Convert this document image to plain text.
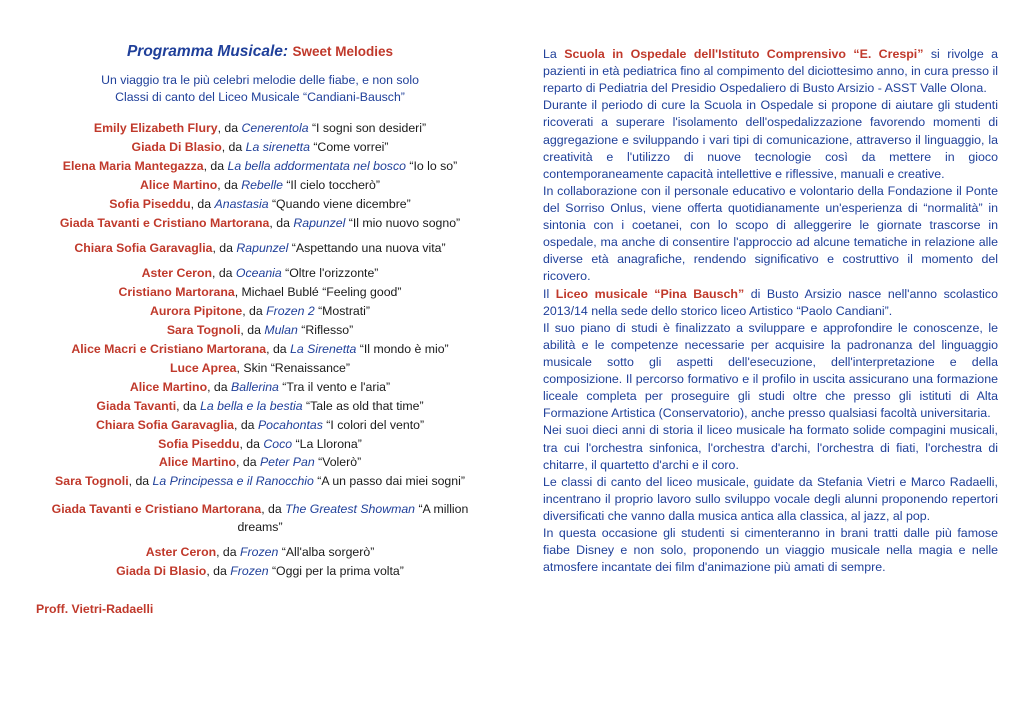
Programma Musicale: Sweet Melodies
Un viaggio tra le più celebri melodie delle fiabe, e non solo
Classi di canto del Liceo Musicale “Candiani-Bausch”
Emily Elizabeth Flury, da Cenerentola “I sogni son desideri”
Giada Di Blasio, da La sirenetta “Come vorrei”
Elena Maria Mantegazza, da La bella addormentata nel bosco “Io lo so”
Alice Martino, da Rebelle “Il cielo toccherò”
Sofia Piseddu, da Anastasia “Quando viene dicembre”
Giada Tavanti e Cristiano Martorana, da Rapunzel “Il mio nuovo sogno”
Chiara Sofia Garavaglia, da Rapunzel “Aspettando una nuova vita”
Aster Ceron, da Oceania “Oltre l'orizzonte”
Cristiano Martorana, Michael Bublé “Feeling good”
Aurora Pipitone, da Frozen 2 “Mostrati”
Sara Tognoli, da Mulan “Riflesso”
Alice Macri e Cristiano Martorana, da La Sirenetta “Il mondo è mio”
Luce Aprea, Skin “Renaissance”
Alice Martino, da Ballerina “Tra il vento e l'aria”
Giada Tavanti, da La bella e la bestia “Tale as old that time”
Chiara Sofia Garavaglia, da Pocahontas “I colori del vento”
Sofia Piseddu, da Coco “La Llorona”
Alice Martino, da Peter Pan “Volerò”
Sara Tognoli, da La Principessa e il Ranocchio “A un passo dai miei sogni”
Giada Tavanti e Cristiano Martorana, da The Greatest Showman “A million dreams”
Aster Ceron, da Frozen “All'alba sorgerò”
Giada Di Blasio, da Frozen “Oggi per la prima volta”
Proff. Vietri-Radaelli

La Scuola in Ospedale dell'Istituto Comprensivo “E. Crespi” si rivolge a pazienti in età pediatrica fino al compimento del diciottesimo anno, in cura presso il reparto di Pediatria del Presidio Ospedaliero di Busto Arsizio - ASST Valle Olona.

Durante il periodo di cure la Scuola in Ospedale si propone di aiutare gli studenti ricoverati a superare l'isolamento dell'ospedalizzazione favorendo momenti di aggregazione e sviluppando i vari tipi di comunicazione, attraverso il linguaggio, la creatività e l'utilizzo di nuove tecnologie così da mettere in gioco contemporaneamente capacità intellettive e riflessive, manuali e creative.

In collaborazione con il personale educativo e volontario della Fondazione il Ponte del Sorriso Onlus, viene offerta quotidianamente un'esperienza di “normalità” in sintonia con i coetanei, con lo scopo di alleggerire le giornate trascorse in ospedale, ma anche di consentire l'approccio ad alcune tematiche in relazione alle diverse età anagrafiche, rendendo significativo e costruttivo il momento del ricovero.

Il Liceo musicale “Pina Bausch” di Busto Arsizio nasce nell'anno scolastico 2013/14 nella sede dello storico liceo Artistico “Paolo Candiani”.

Il suo piano di studi è finalizzato a sviluppare e approfondire le conoscenze, le abilità e le competenze necessarie per acquisire la padronanza del linguaggio musicale sotto gli aspetti dell'esecuzione, dell'interpretazione e della composizione. Il percorso formativo e il profilo in uscita assicurano una formazione liceale completa per proseguire gli studi oltre che presso gli istituti di Alta Formazione Artistica (Conservatorio), anche presso qualsiasi facoltà universitaria.

Nei suoi dieci anni di storia il liceo musicale ha formato solide compagini musicali, tra cui l'orchestra sinfonica, l'orchestra d'archi, l'orchestra di fiati, l'orchestra di chitarre, il quartetto d'archi e il coro.

Le classi di canto del liceo musicale, guidate da Stefania Vietri e Marco Radaelli, incentrano il proprio lavoro sullo sviluppo vocale degli alunni proponendo repertori diversificati che vanno dalla musica antica alla classica, al jazz, al pop.

In questa occasione gli studenti si cimenteranno in brani tratti dalle più famose fiabe Disney e non solo, proponendo un viaggio musicale nella magia e nelle atmosfere incantate dei film d'animazione più amati di sempre.
